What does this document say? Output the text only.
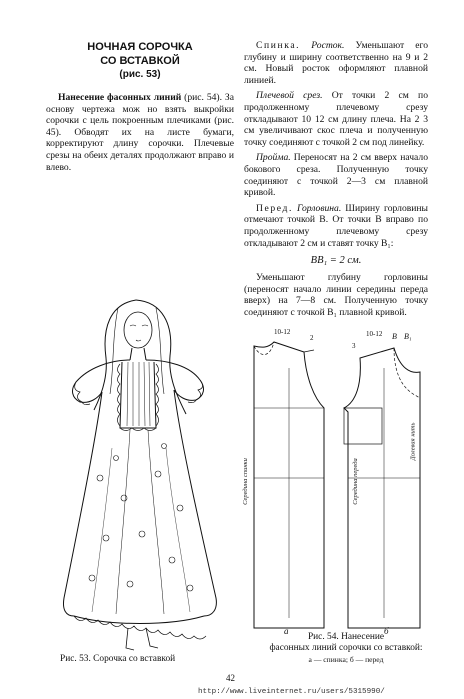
НОЧНАЯ СОРОЧКА
СО ВСТАВКОЙ
(рис. 53)

Нанесение фасонных линий (рис. 54). За основу чертежа мож но взять выкройки сорочки с цель покроенным плечиками (рис. 45). Обводят их на листе бумаги, корректируют длину сорочки. Плечевые срезы на обеих деталях продолжают вправо и влево.

Спинка. Росток. Уменьшают его глубину и ширину соответственно на 9 и 2 см. Новый росток оформляют плавной линией.

Плечевой срез. От точки 2 см по продолженному плечевому срезу откладывают 10 12 см длину плеча. На 2 3 см увеличивают скос плеча и полученную точку соединяют с точкой 2 см под линейку.

Пройма. Переносят на 2 см вверх начало бокового среза. Полученную точку соединяют с точкой 2—3 см плавной кривой.

Перед. Горловина. Ширину горловины отмечают точкой В. От точки В вправо по продолженному плечевому срезу откладывают 2 см и ставят точку В₁:

BB₁ = 2 см.

Уменьшают глубину горловины (переносят начало линии середины переда вверх) на 7—8 см. Полученную точку соединяют с точкой В₁ плавной кривой.

10-12	10-12 B B₁
2
3
Середина спинки	Середина переда
Долевая нить
а	б
Рис. 53. Сорочка со вставкой
Рис. 54. Нанесение
фасонных линий сорочки со вставкой:
а — спинка; б — перед
42
http://www.liveinternet.ru/users/5315990/
